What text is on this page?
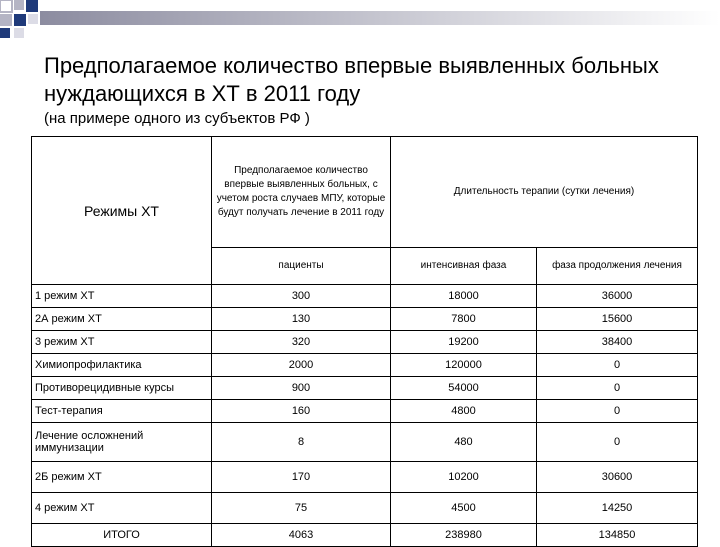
Предполагаемое количество впервые выявленных больных нуждающихся в ХТ в 2011 году
(на примере одного из субъектов РФ )
Режимы ХТ	Предполагаемое количество впервые выявленных больных, с учетом роста случаев МПУ, которые будут получать лечение в 2011 году	Длительность терапии (сутки лечения)	
	пациенты	интенсивная фаза	фаза продолжения лечения
1 режим ХТ	300	18000	36000
2А режим ХТ	130	7800	15600
3 режим ХТ	320	19200	38400
Химиопрофилактика	2000	120000	0
Противорецидивные курсы	900	54000	0
Тест-терапия	160	4800	0
Лечение осложнений иммунизации	8	480	0
2Б режим ХТ	170	10200	30600
4 режим ХТ	75	4500	14250
ИТОГО	4063	238980	134850
